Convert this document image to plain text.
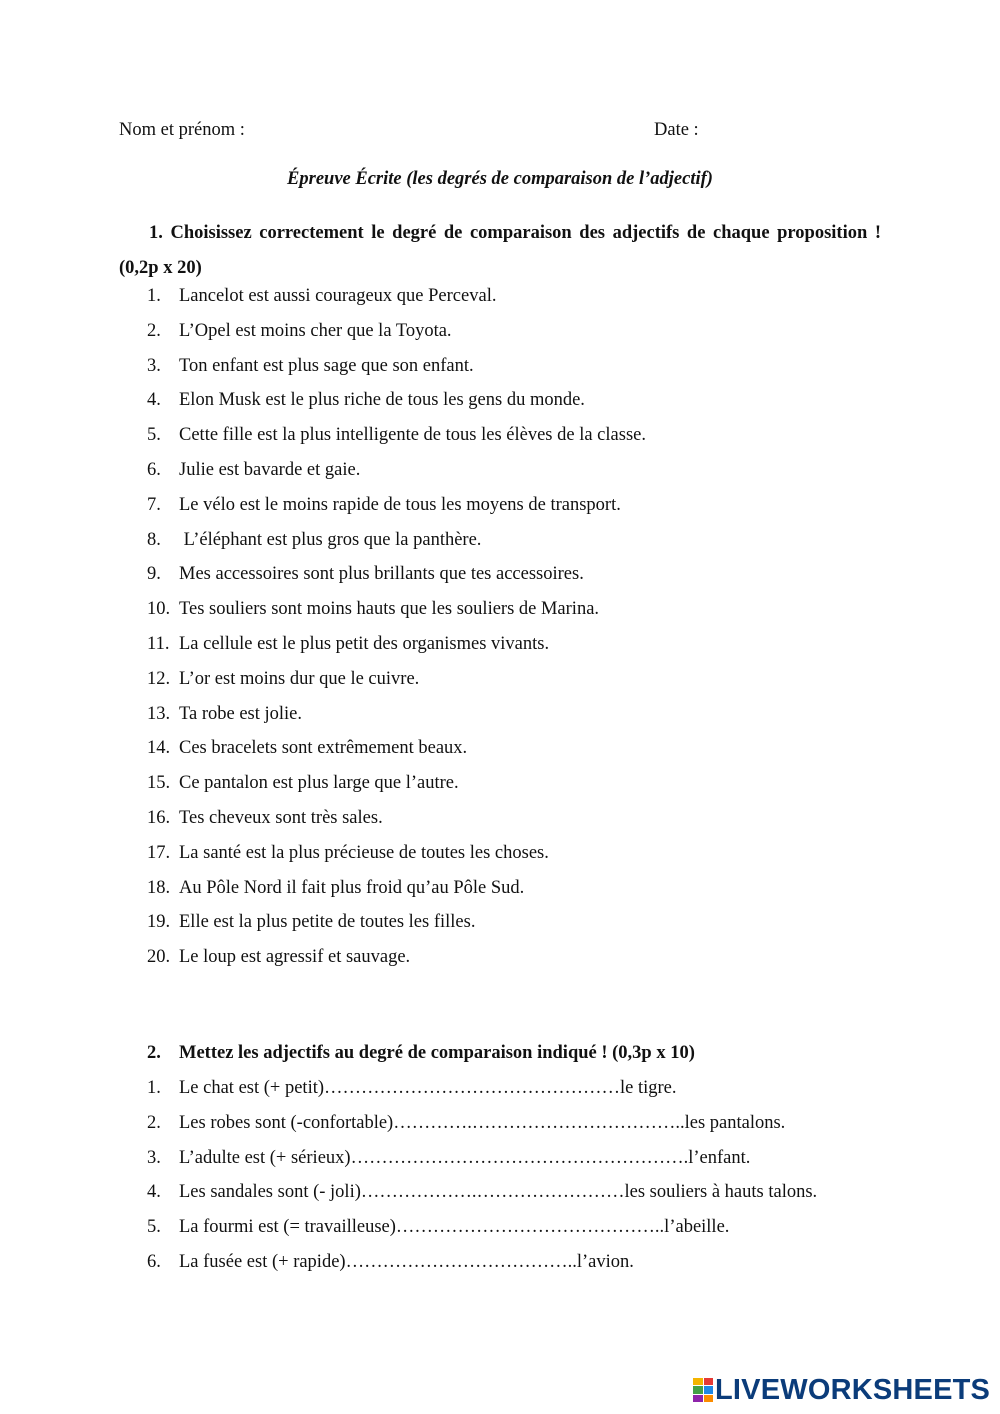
Nom et prénom :	Date :
Épreuve Écrite (les degrés de comparaison de l’adjectif)
1. Choisissez correctement le degré de comparaison des adjectifs de chaque proposition ! (0,2p x 20)
1. Lancelot est aussi courageux que Perceval.
2. L’Opel est moins cher que la Toyota.
3. Ton enfant est plus sage que son enfant.
4. Elon Musk est le plus riche de tous les gens du monde.
5. Cette fille est la plus intelligente de tous les élèves de la classe.
6. Julie est bavarde et gaie.
7. Le vélo est le moins rapide de tous les moyens de transport.
8. L’éléphant est plus gros que la panthère.
9. Mes accessoires sont plus brillants que tes accessoires.
10. Tes souliers sont moins hauts que les souliers de Marina.
11. La cellule est le plus petit des organismes vivants.
12. L’or est moins dur que le cuivre.
13. Ta robe est jolie.
14. Ces bracelets sont extrêmement beaux.
15. Ce pantalon est plus large que l’autre.
16. Tes cheveux sont très sales.
17. La santé est la plus précieuse de toutes les choses.
18. Au Pôle Nord il fait plus froid qu’au Pôle Sud.
19. Elle est la plus petite de toutes les filles.
20. Le loup est agressif et sauvage.
2. Mettez les adjectifs au degré de comparaison indiqué ! (0,3p x 10)
1. Le chat est (+ petit)…………………………………………le tigre.
2. Les robes sont (-confortable)………….……………………………..les pantalons.
3. L’adulte est (+ sérieux)……………………………………………….l’enfant.
4. Les sandales sont (- joli)……………….……………………les souliers à hauts talons.
5. La fourmi est (= travailleuse)……………………………………..l’abeille.
6. La fusée est (+ rapide)………………………………..l’avion.
LIVEWORKSHEETS
